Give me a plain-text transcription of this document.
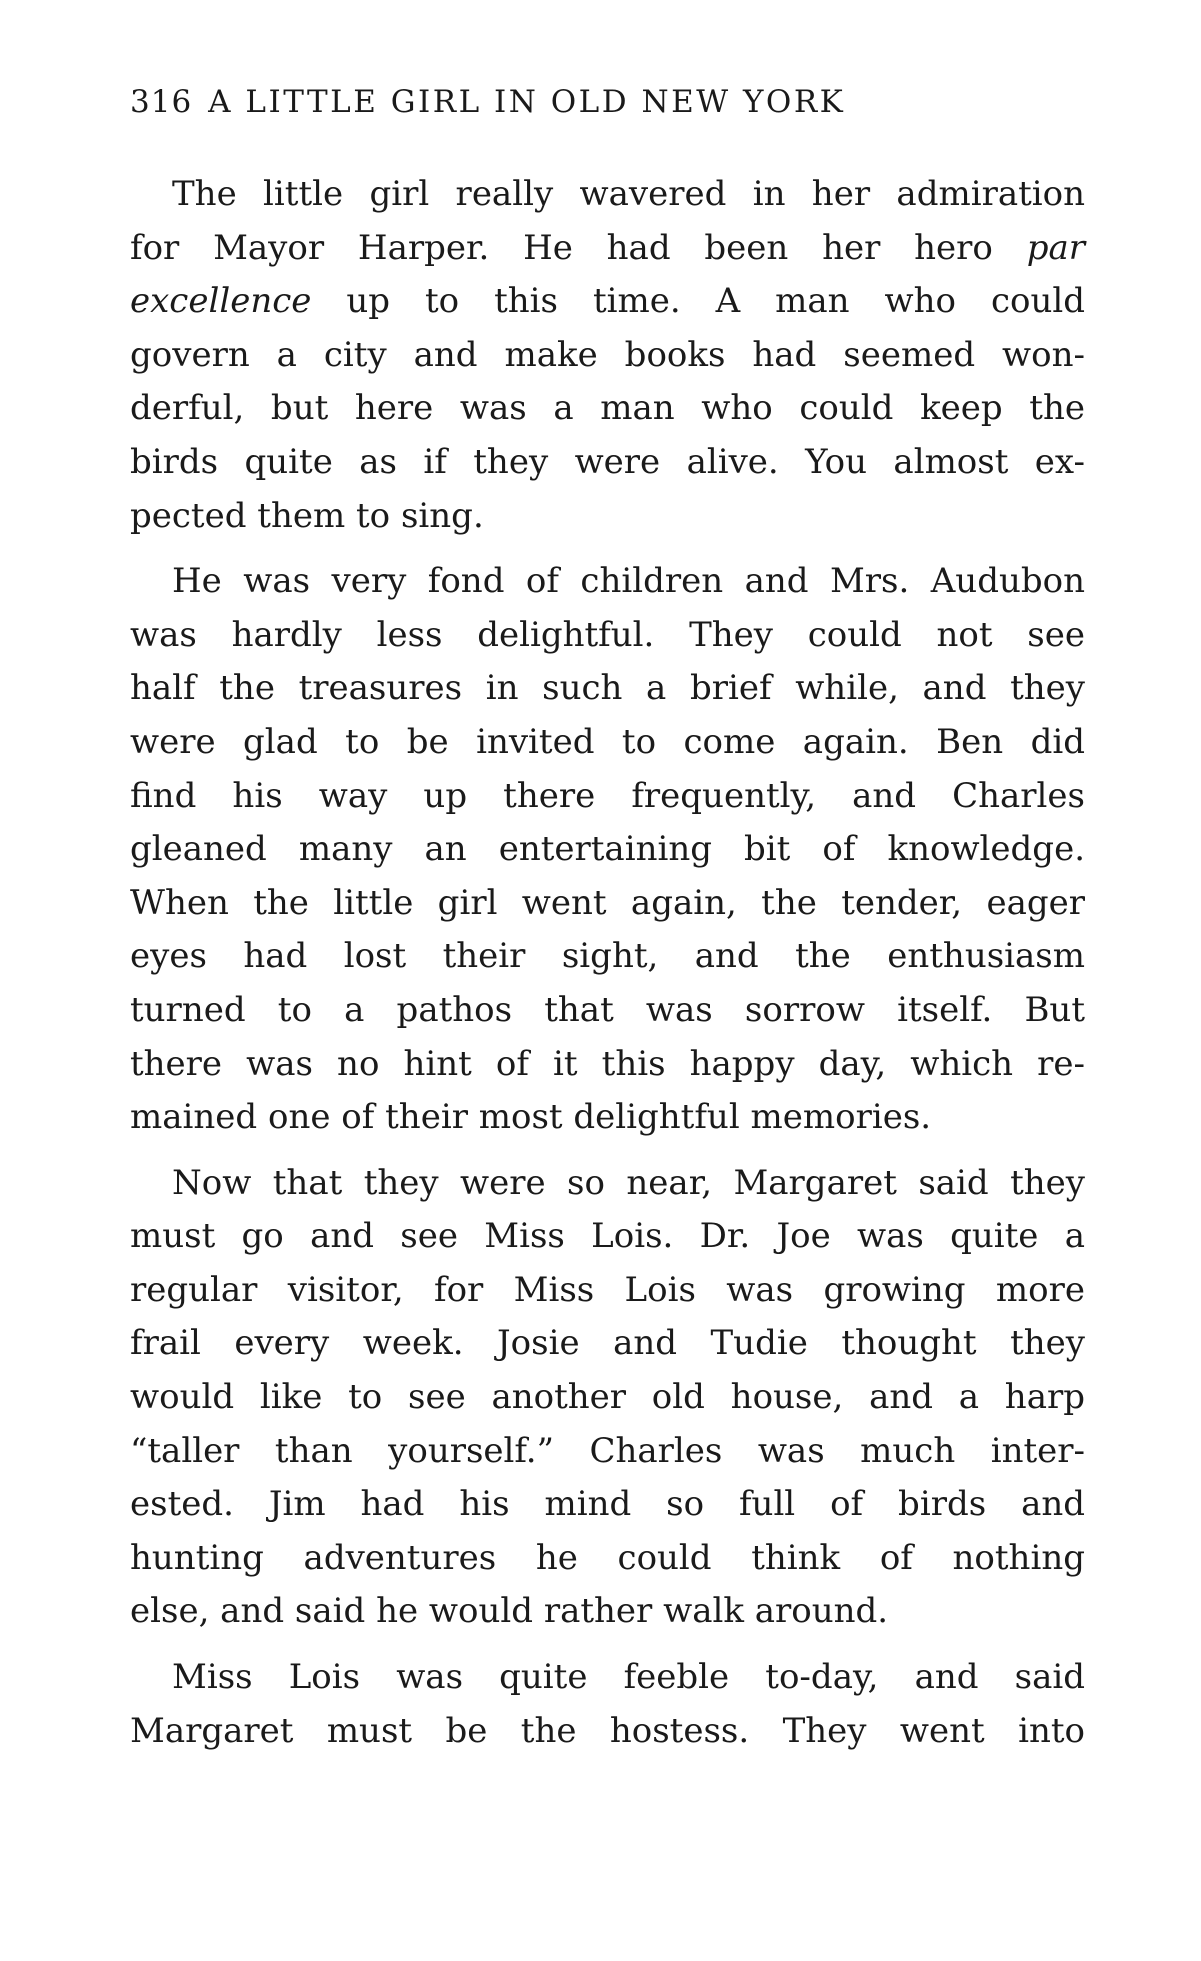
316 A LITTLE GIRL IN OLD NEW YORK
The little girl really wavered in her admiration
for Mayor Harper. He had been her hero par
excellence up to this time. A man who could
govern a city and make books had seemed won-
derful, but here was a man who could keep the
birds quite as if they were alive. You almost ex-
pected them to sing.
He was very fond of children and Mrs. Audubon
was hardly less delightful. They could not see
half the treasures in such a brief while, and they
were glad to be invited to come again. Ben did
find his way up there frequently, and Charles
gleaned many an entertaining bit of knowledge.
When the little girl went again, the tender, eager
eyes had lost their sight, and the enthusiasm
turned to a pathos that was sorrow itself. But
there was no hint of it this happy day, which re-
mained one of their most delightful memories.
Now that they were so near, Margaret said they
must go and see Miss Lois. Dr. Joe was quite a
regular visitor, for Miss Lois was growing more
frail every week. Josie and Tudie thought they
would like to see another old house, and a harp
“taller than yourself.” Charles was much inter-
ested. Jim had his mind so full of birds and
hunting adventures he could think of nothing
else, and said he would rather walk around.
Miss Lois was quite feeble to-day, and said
Margaret must be the hostess. They went into
